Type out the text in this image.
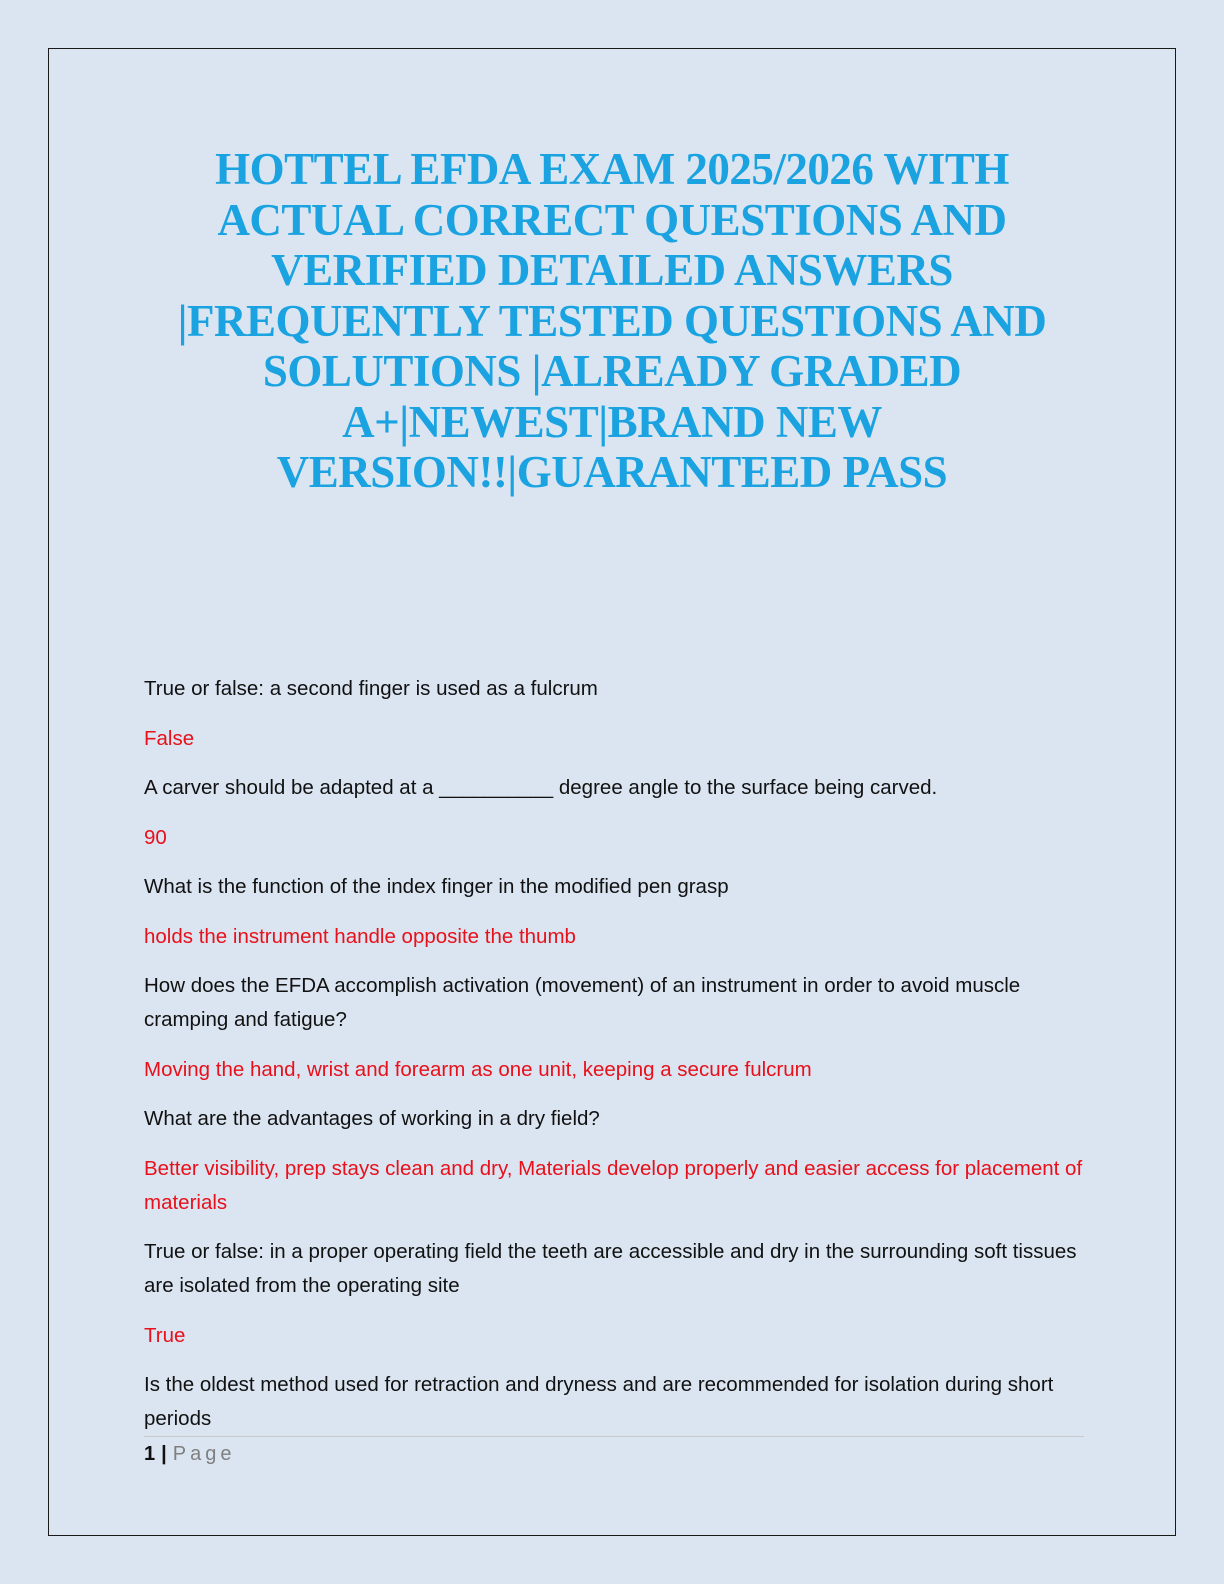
HOTTEL EFDA EXAM 2025/2026 WITH
ACTUAL CORRECT QUESTIONS AND
VERIFIED DETAILED ANSWERS
|FREQUENTLY TESTED QUESTIONS AND
SOLUTIONS |ALREADY GRADED
A+|NEWEST|BRAND NEW
VERSION!!|GUARANTEED PASS

True or false: a second finger is used as a fulcrum

False

A carver should be adapted at a __________ degree angle to the surface being carved.

90

What is the function of the index finger in the modified pen grasp

holds the instrument handle opposite the thumb

How does the EFDA accomplish activation (movement) of an instrument in order to avoid muscle cramping and fatigue?

Moving the hand, wrist and forearm as one unit, keeping a secure fulcrum

What are the advantages of working in a dry field?

Better visibility, prep stays clean and dry, Materials develop properly and easier access for placement of materials

True or false: in a proper operating field the teeth are accessible and dry in the surrounding soft tissues are isolated from the operating site

True

Is the oldest method used for retraction and dryness and are recommended for isolation during short periods

1 | Page
